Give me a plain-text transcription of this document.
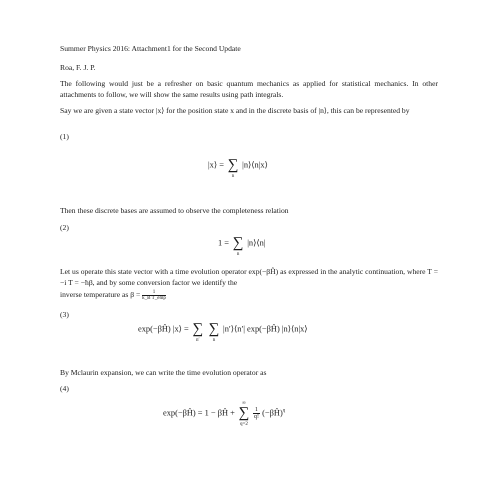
Summer Physics 2016: Attachment1 for the Second Update
Roa, F. J. P.
The following would just be a refresher on basic quantum mechanics as applied for statistical mechanics. In other attachments to follow, we will show the same results using path integrals.
Say we are given a state vector |x⟩ for the position state x and in the discrete basis of |n⟩, this can be represented by
(1)
|x⟩ = ∑
n
|n⟩⟨n|x⟩
Then these discrete bases are assumed to observe the completeness relation
(2)
1 = ∑
n
|n⟩⟨n|
Let us operate this state vector with a time evolution operator exp(−βĤ) as expressed in the analytic continuation, where T = −i T = −ħβ, and by some conversion factor we identify the
inverse temperature as β =	1
k_B T_emp
(3)
exp(−βĤ) |x⟩ = ∑
n′

∑
n
|n′⟩⟨n′| exp(−βĤ) |n⟩⟨n|x⟩
By Mclaurin expansion, we can write the time evolution operator as
(4)
exp(−βĤ) = 1 − βĤ +
∞
∑
q=2

$\frac{1}{q!}$ (−βĤ)$^q$
